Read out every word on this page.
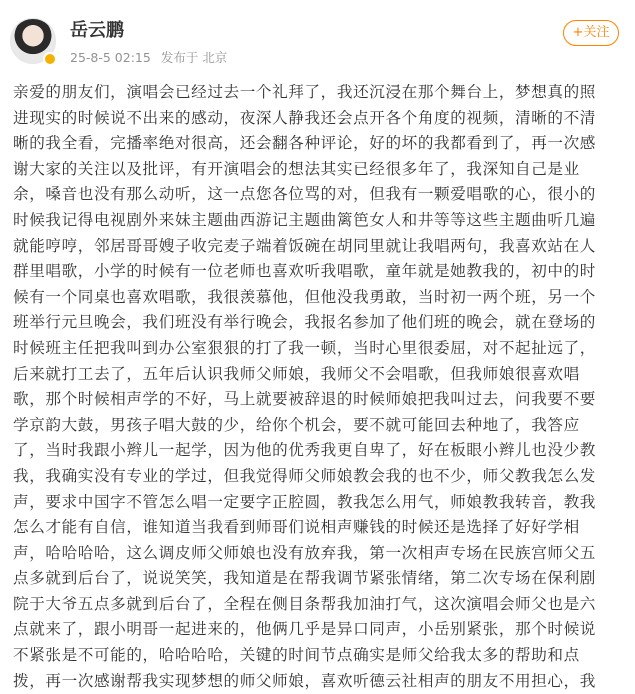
岳云鹏
25-8-5 02:15 发布于 北京
+关注
亲爱的朋友们，演唱会已经过去一个礼拜了，我还沉浸在那个舞台上，梦想真的照
进现实的时候说不出来的感动，夜深人静我还会点开各个角度的视频，清晰的不清
晰的我全看，完播率绝对很高，还会翻各种评论，好的坏的我都看到了，再一次感
谢大家的关注以及批评，有开演唱会的想法其实已经很多年了，我深知自己是业
余，嗓音也没有那么动听，这一点您各位骂的对，但我有一颗爱唱歌的心，很小的
时候我记得电视剧外来妹主题曲西游记主题曲篱笆女人和井等等这些主题曲听几遍
就能哼哼，邻居哥哥嫂子收完麦子端着饭碗在胡同里就让我唱两句，我喜欢站在人
群里唱歌，小学的时候有一位老师也喜欢听我唱歌，童年就是她教我的，初中的时
候有一个同桌也喜欢唱歌，我很羡慕他，但他没我勇敢，当时初一两个班，另一个
班举行元旦晚会，我们班没有举行晚会，我报名参加了他们班的晚会，就在登场的
时候班主任把我叫到办公室狠狠的打了我一顿，当时心里很委屈，对不起扯远了，
后来就打工去了，五年后认识我师父师娘，我师父不会唱歌，但我师娘很喜欢唱
歌，那个时候相声学的不好，马上就要被辞退的时候师娘把我叫过去，问我要不要
学京韵大鼓，男孩子唱大鼓的少，给你个机会，要不就可能回去种地了，我答应
了，当时我跟小辫儿一起学，因为他的优秀我更自卑了，好在板眼小辫儿也没少教
我，我确实没有专业的学过，但我觉得师父师娘教会我的也不少，师父教我怎么发
声，要求中国字不管怎么唱一定要字正腔圆，教我怎么用气，师娘教我转音，教我
怎么才能有自信，谁知道当我看到师哥们说相声赚钱的时候还是选择了好好学相
声，哈哈哈哈，这么调皮师父师娘也没有放弃我，第一次相声专场在民族宫师父五
点多就到后台了，说说笑笑，我知道是在帮我调节紧张情绪，第二次专场在保利剧
院于大爷五点多就到后台了，全程在侧目条帮我加油打气，这次演唱会师父也是六
点就来了，跟小明哥一起进来的，他俩几乎是异口同声，小岳别紧张，那个时候说
不紧张是不可能的，哈哈哈哈，关键的时间节点确实是师父给我太多的帮助和点
拨，再一次感谢帮我实现梦想的师父师娘，喜欢听德云社相声的朋友不用担心，我
